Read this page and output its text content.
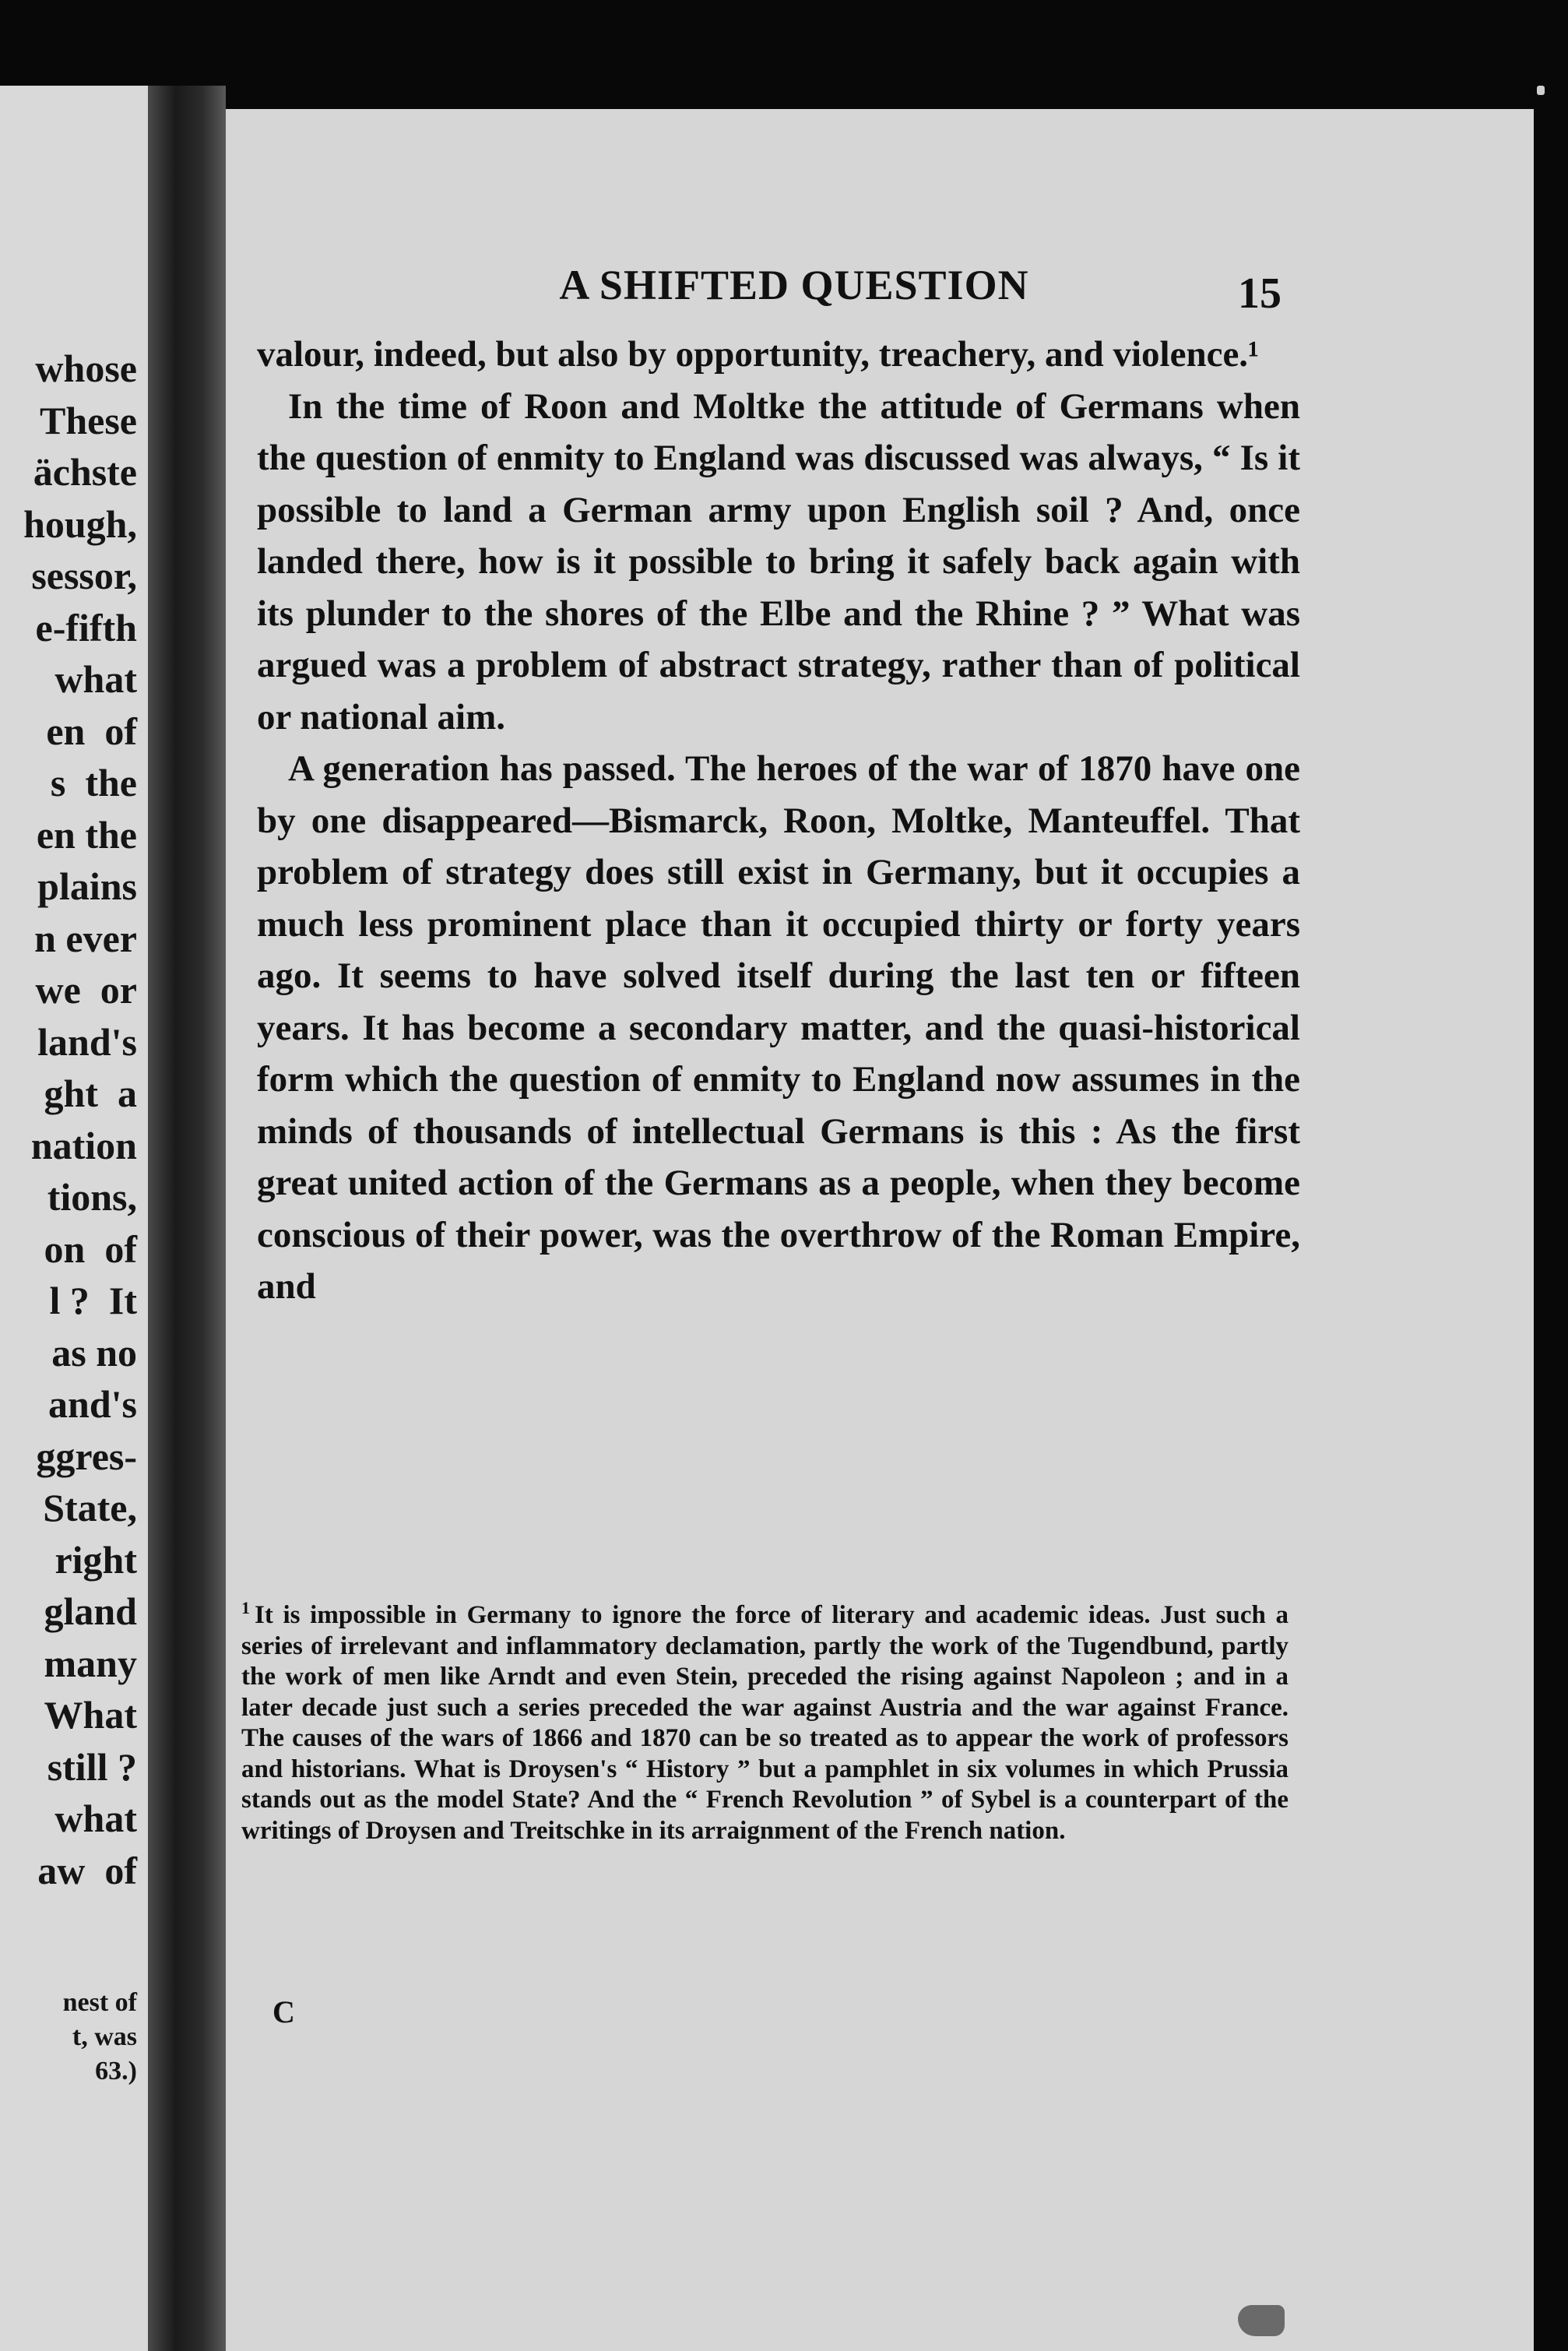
whose
These
ächste
hough,
sessor,
e-fifth
what
en  of
s  the
en the
plains
n ever
we  or
land's
ght  a
nation
tions,
on  of
l ?  It
as no
and's
ggres-
State,
right
gland
many
What
still ?
what
aw  of
nest of
t, was
63.)
A SHIFTED QUESTION	15

valour, indeed, but also by opportunity, treachery, and violence.¹

In the time of Roon and Moltke the attitude of Germans when the question of enmity to England was discussed was always, “ Is it possible to land a German army upon English soil ? And, once landed there, how is it possible to bring it safely back again with its plunder to the shores of the Elbe and the Rhine ? ” What was argued was a problem of abstract strategy, rather than of political or national aim.

A generation has passed. The heroes of the war of 1870 have one by one disappeared—Bismarck, Roon, Moltke, Manteuffel. That problem of strategy does still exist in Germany, but it occupies a much less prominent place than it occupied thirty or forty years ago. It seems to have solved itself during the last ten or fifteen years. It has become a secondary matter, and the quasi-historical form which the question of enmity to England now assumes in the minds of thousands of intellectual Germans is this : As the first great united action of the Germans as a people, when they become conscious of their power, was the overthrow of the Roman Empire, and

$^1$ It is impossible in Germany to ignore the force of literary and academic ideas. Just such a series of irrelevant and inflammatory declamation, partly the work of the Tugendbund, partly the work of men like Arndt and even Stein, preceded the rising against Napoleon ; and in a later decade just such a series preceded the war against Austria and the war against France. The causes of the wars of 1866 and 1870 can be so treated as to appear the work of professors and historians. What is Droysen's “ History ” but a pamphlet in six volumes in which Prussia stands out as the model State? And the “ French Revolution ” of Sybel is a counterpart of the writings of Droysen and Treitschke in its arraignment of the French nation.
C
